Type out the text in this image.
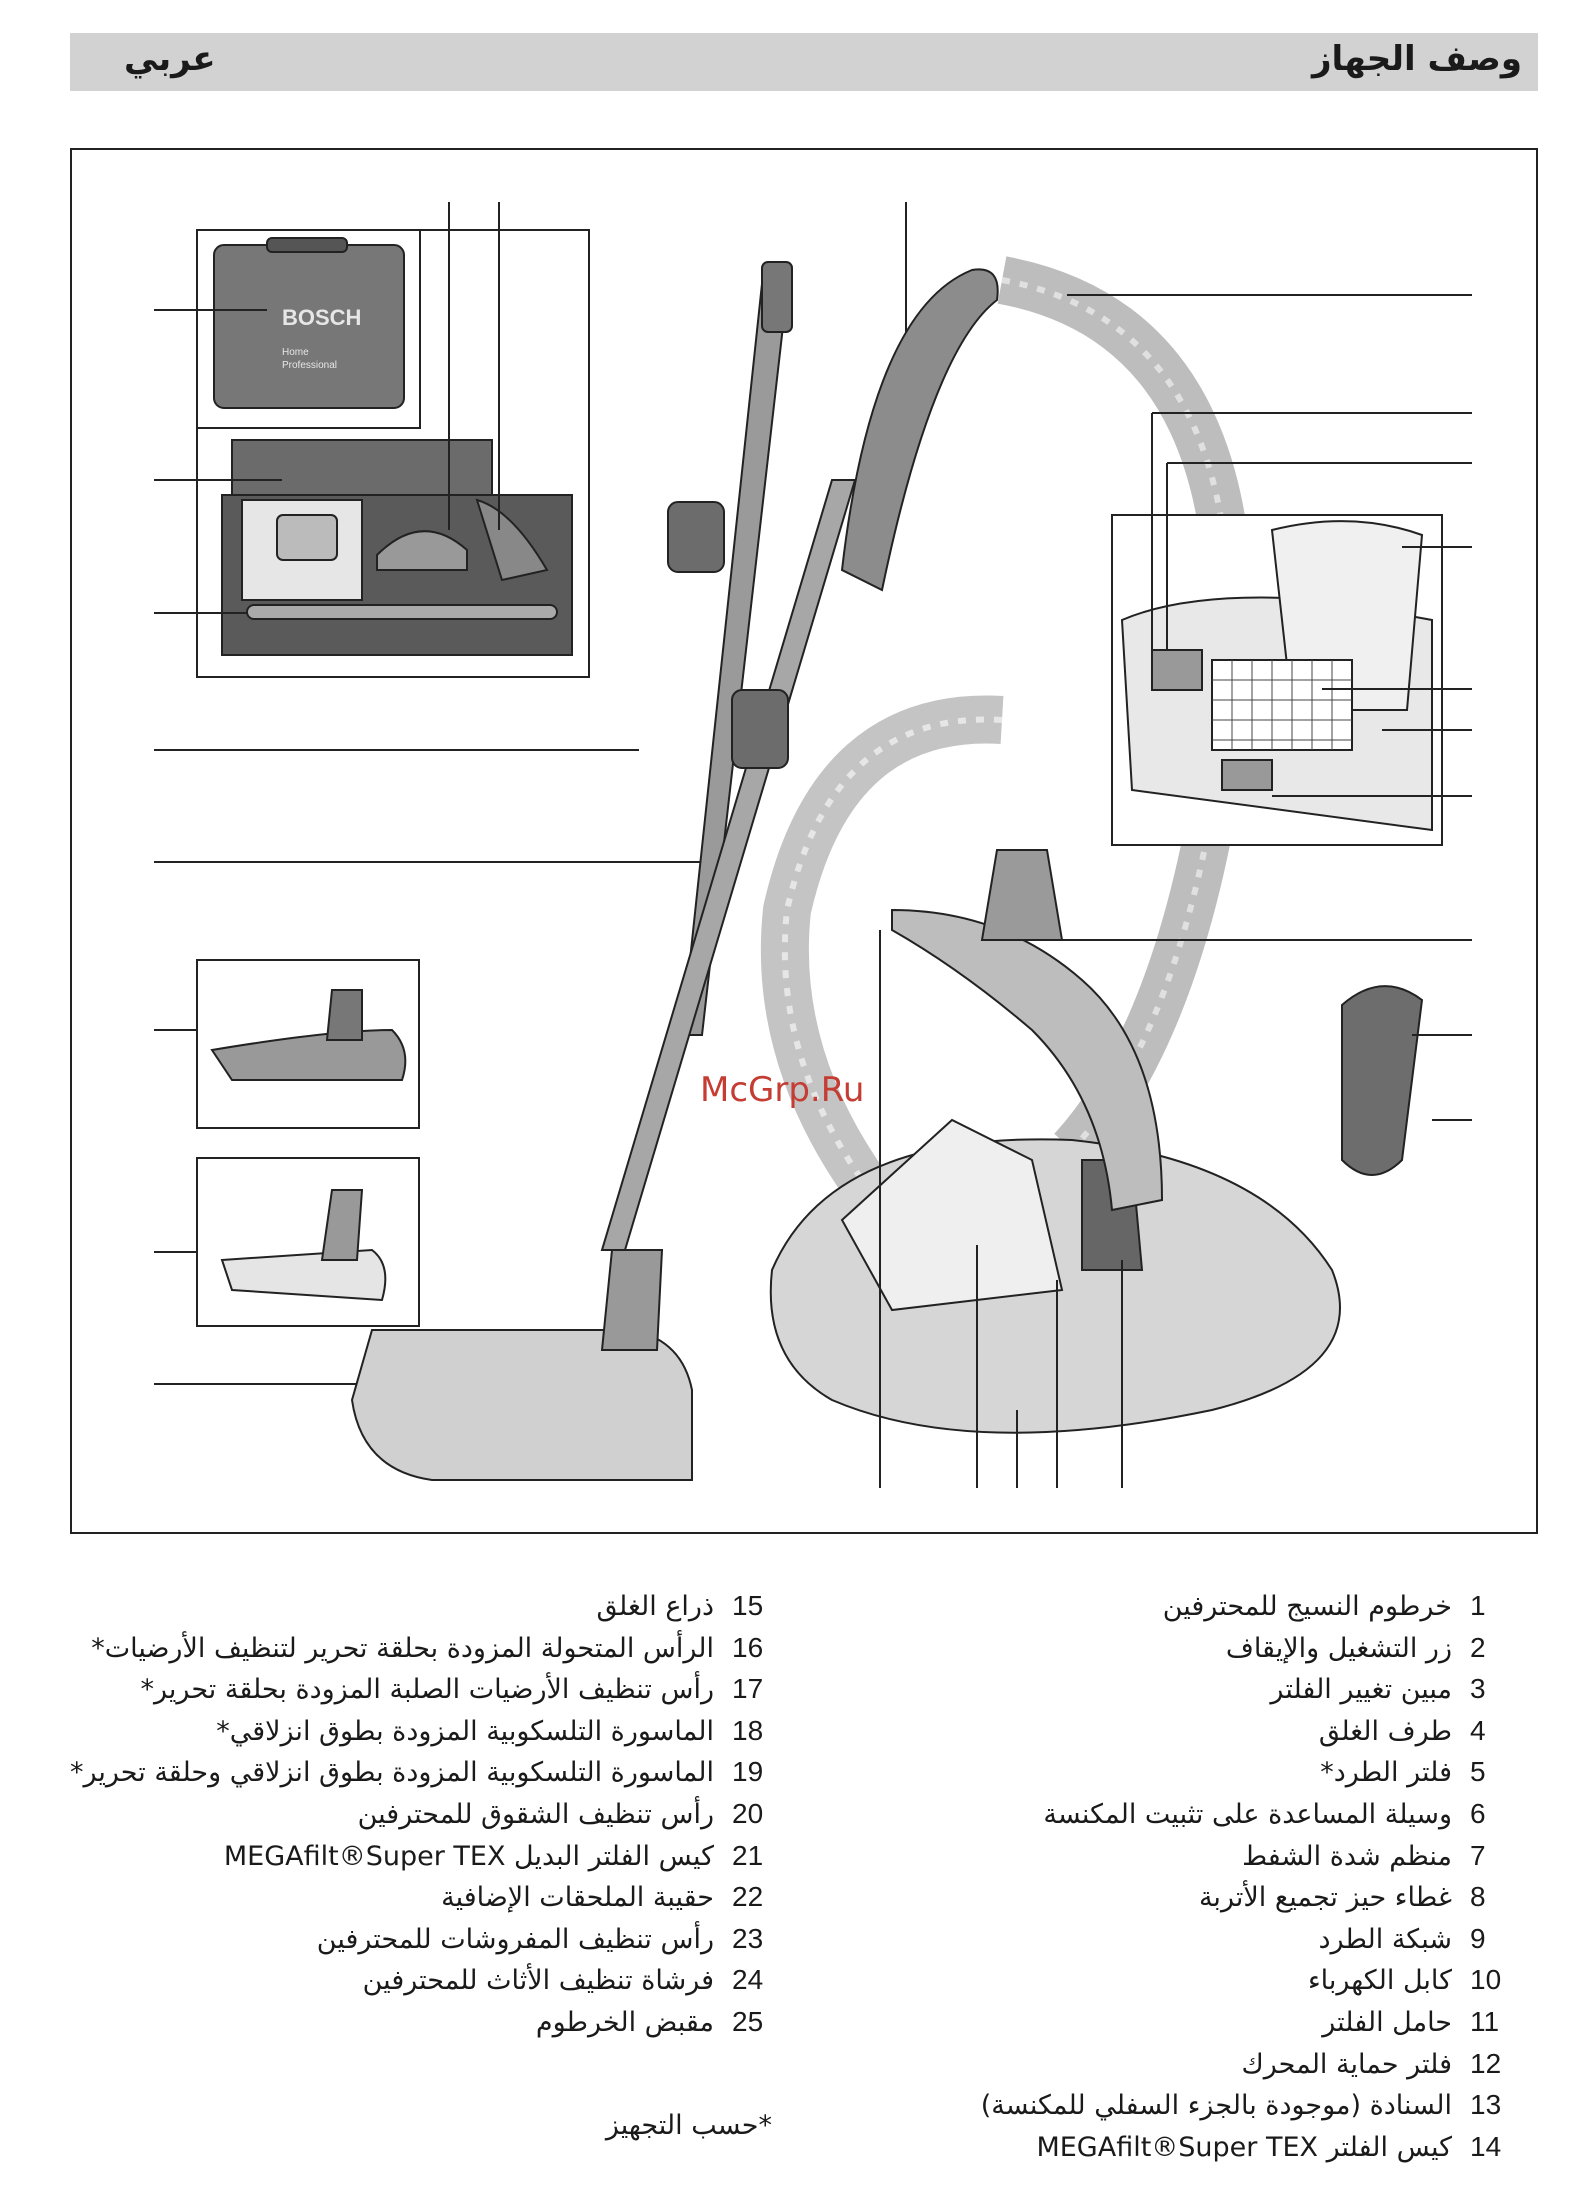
وصف الجهاز
عربي
BOSCH
Home
Professional
McGrp.Ru
1خرطوم النسيج للمحترفين
2زر التشغيل والإيقاف
3مبين تغيير الفلتر
4طرف الغلق
5فلتر الطرد*
6وسيلة المساعدة على تثبيت المكنسة
7منظم شدة الشفط
8غطاء حيز تجميع الأتربة
9شبكة الطرد
10كابل الكهرباء
11حامل الفلتر
12فلتر حماية المحرك
13السنادة (موجودة بالجزء السفلي للمكنسة)
14كيس الفلتر MEGAfilt®Super TEX
15ذراع الغلق
16الرأس المتحولة المزودة بحلقة تحرير لتنظيف الأرضيات*
17رأس تنظيف الأرضيات الصلبة المزودة بحلقة تحرير*
18الماسورة التلسكوبية المزودة بطوق انزلاقي*
19الماسورة التلسكوبية المزودة بطوق انزلاقي وحلقة تحرير*
20رأس تنظيف الشقوق للمحترفين
21كيس الفلتر البديل MEGAfilt®Super TEX
22حقيبة الملحقات الإضافية
23رأس تنظيف المفروشات للمحترفين
24فرشاة تنظيف الأثاث للمحترفين
25مقبض الخرطوم
*حسب التجهيز
